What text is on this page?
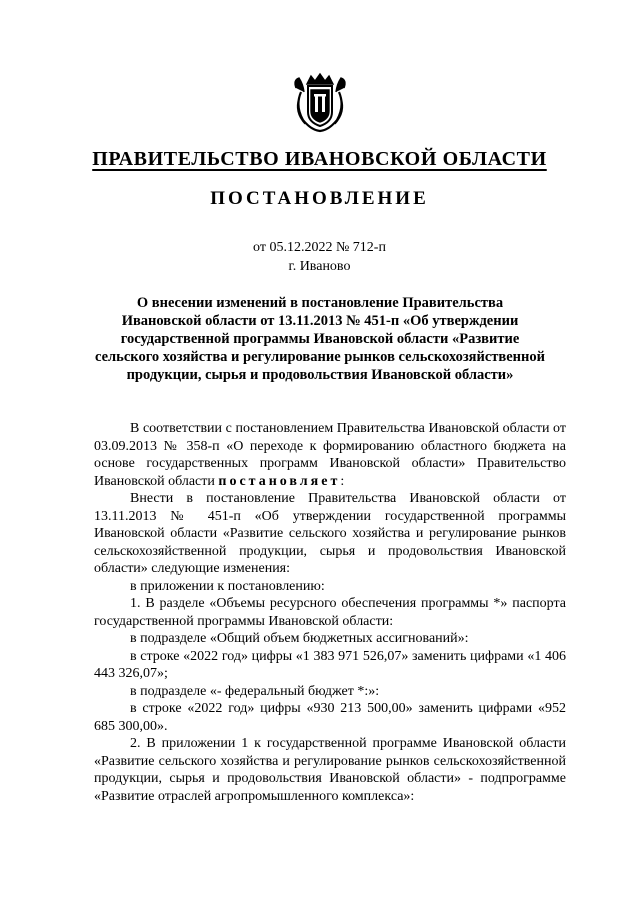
ПРАВИТЕЛЬСТВО ИВАНОВСКОЙ ОБЛАСТИ
ПОСТАНОВЛЕНИЕ
от 05.12.2022 № 712-п
г. Иваново
О внесении изменений в постановление Правительства
Ивановской области от 13.11.2013 № 451-п «Об утверждении
государственной программы Ивановской области «Развитие
сельского хозяйства и регулирование рынков сельскохозяйственной
продукции, сырья и продовольствия Ивановской области»

В соответствии с постановлением Правительства Ивановской области от 03.09.2013 № 358-п «О переходе к формированию областного бюджета на основе государственных программ Ивановской области» Правительство Ивановской области постановляет:

Внести в постановление Правительства Ивановской области от 13.11.2013 № 451-п «Об утверждении государственной программы Ивановской области «Развитие сельского хозяйства и регулирование рынков сельскохозяйственной продукции, сырья и продовольствия Ивановской области» следующие изменения:

в приложении к постановлению:

1. В разделе «Объемы ресурсного обеспечения программы *» паспорта государственной программы Ивановской области:

в подразделе «Общий объем бюджетных ассигнований»:

в строке «2022 год» цифры «1 383 971 526,07» заменить цифрами «1 406 443 326,07»;

в подразделе «- федеральный бюджет *:»:

в строке «2022 год» цифры «930 213 500,00» заменить цифрами «952 685 300,00».

2. В приложении 1 к государственной программе Ивановской области «Развитие сельского хозяйства и регулирование рынков сельскохозяйственной продукции, сырья и продовольствия Ивановской области» - подпрограмме «Развитие отраслей агропромышленного комплекса»:
